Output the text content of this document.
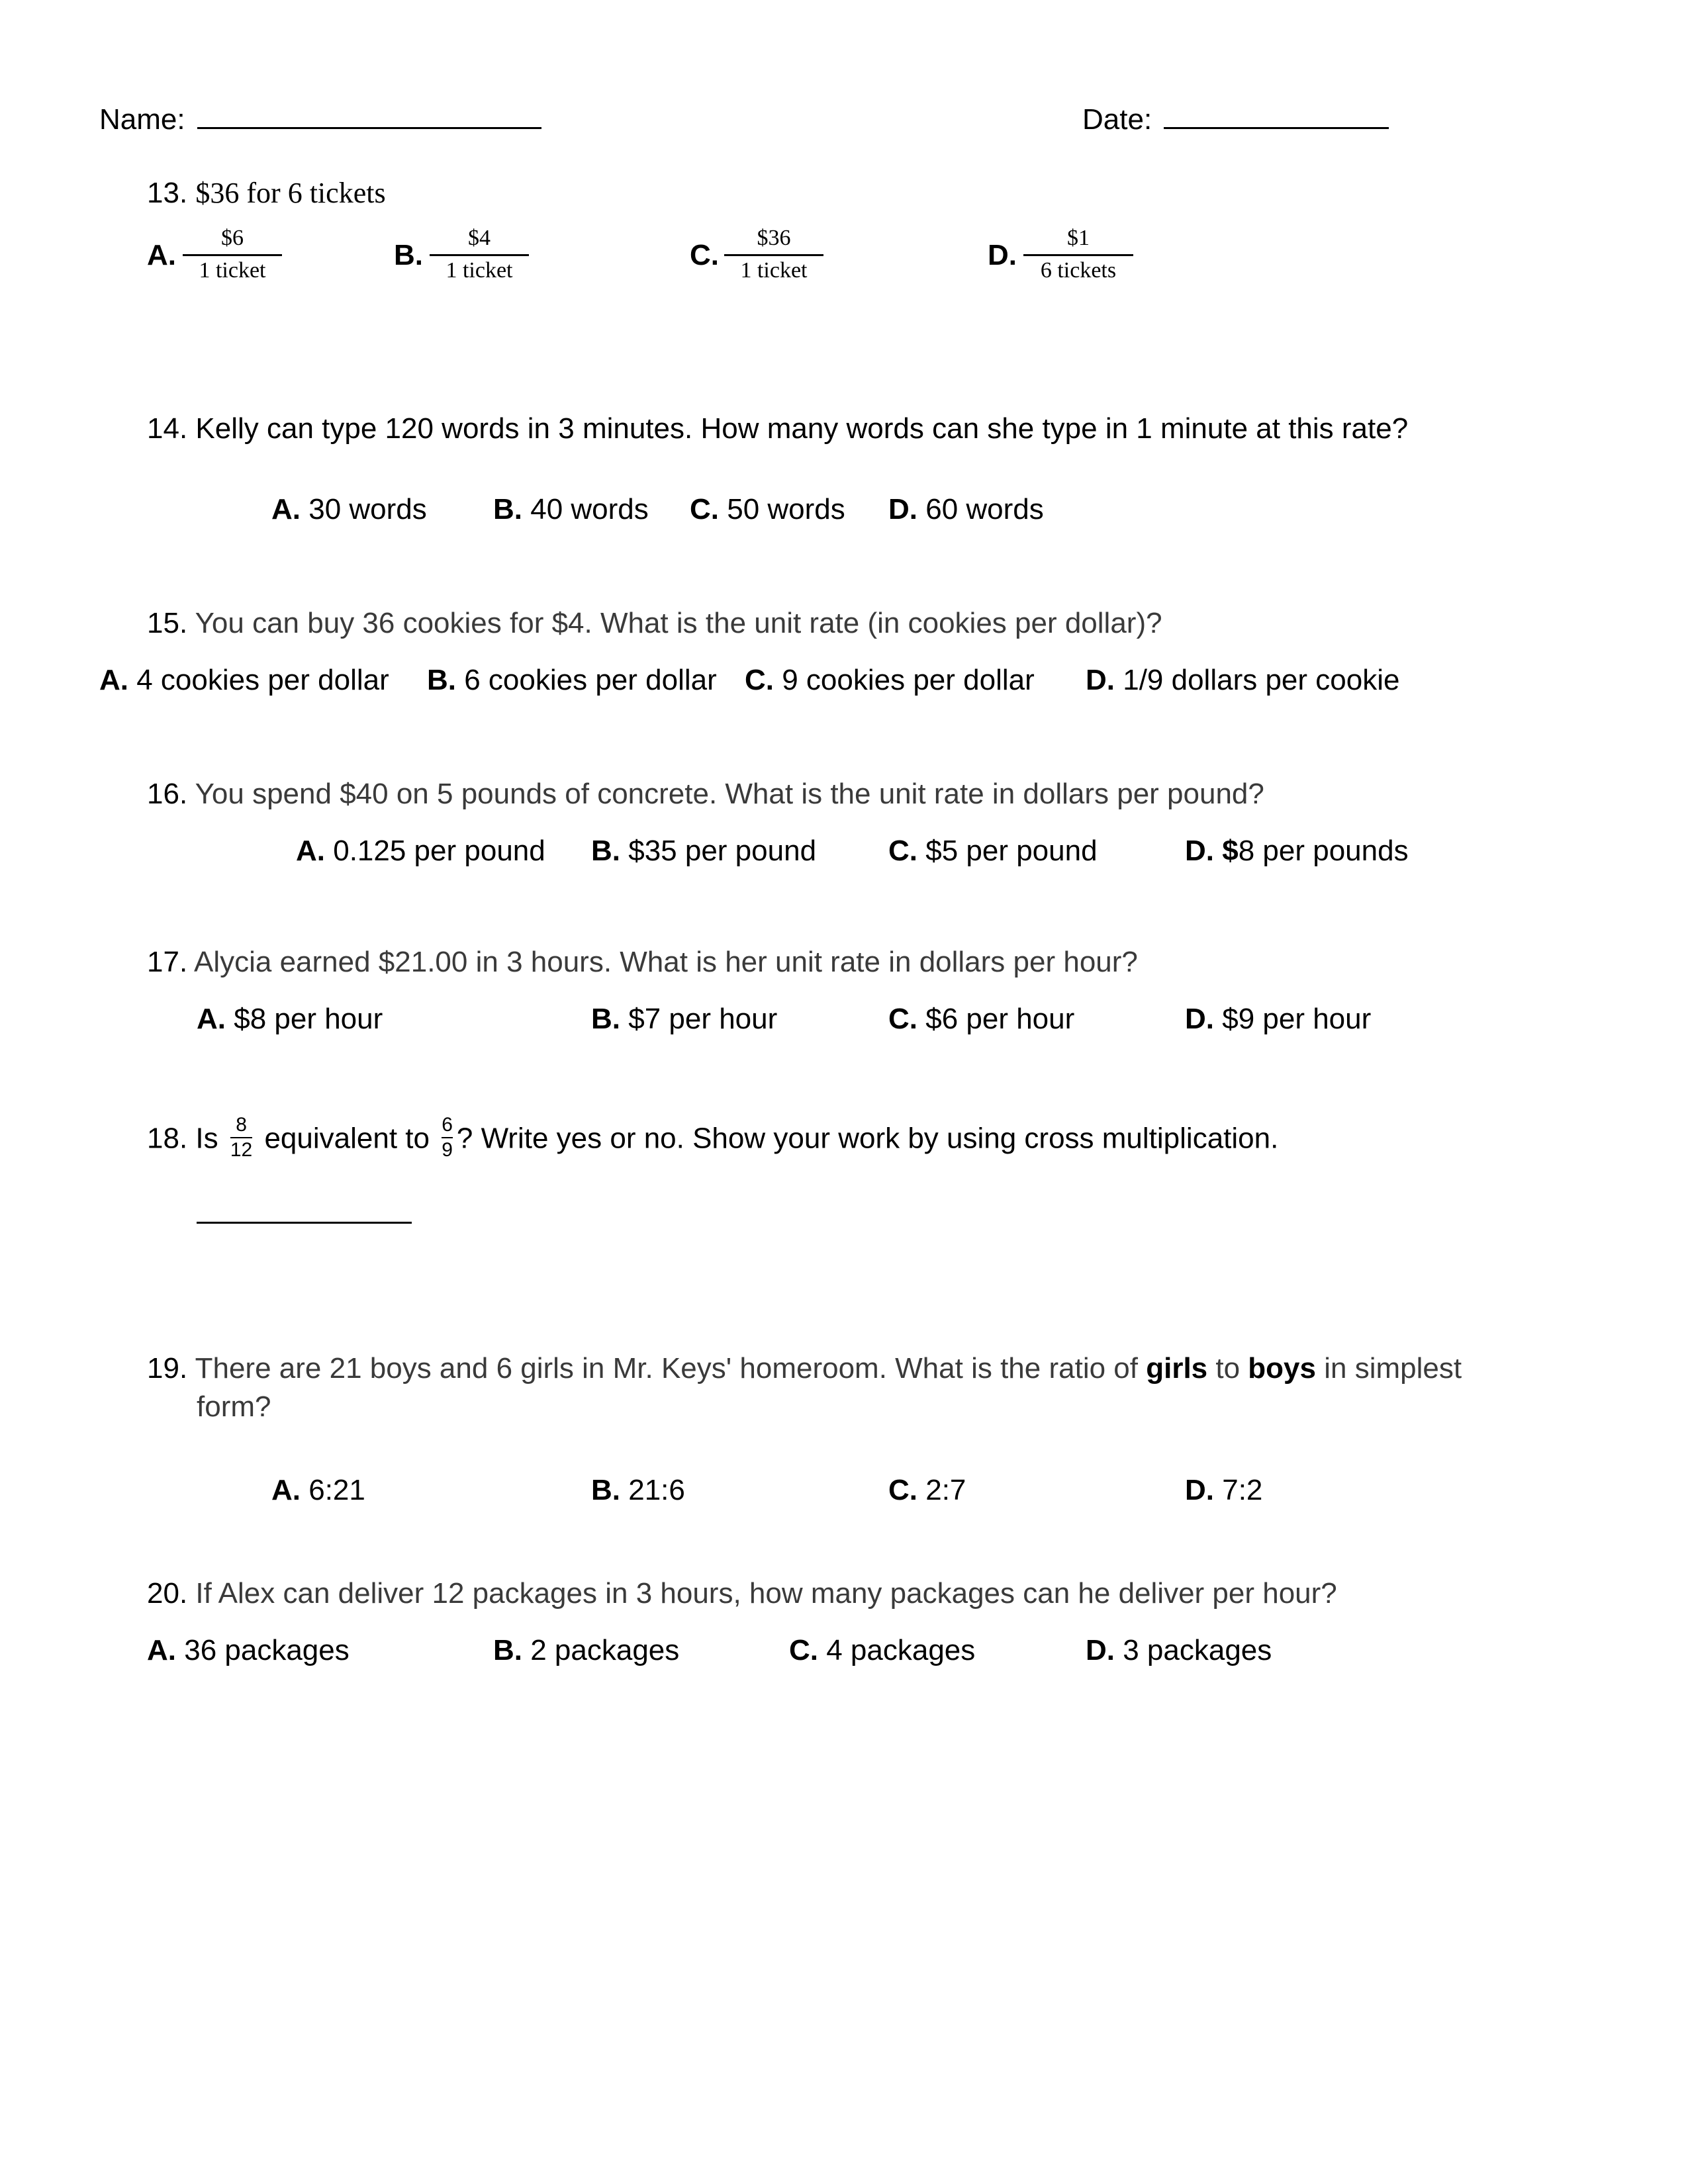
Name:	Date:
13. $36 for 6 tickets
A.
$6
1 ticket	B.
$4
1 ticket	C.
$36
1 ticket	D.
$1
6 tickets
14. Kelly can type 120 words in 3 minutes. How many words can she type in 1 minute at this rate?
A. 30 words B. 40 words C. 50 words D. 60 words
15. You can buy 36 cookies for $4. What is the unit rate (in cookies per dollar)?
A. 4 cookies per dollar B. 6 cookies per dollar C. 9 cookies per dollar D. 1/9 dollars per cookie
16. You spend $40 on 5 pounds of concrete. What is the unit rate in dollars per pound?
A. 0.125 per pound B. $35 per pound C. $5 per pound	D. $8 per pounds
17. Alycia earned $21.00 in 3 hours. What is her unit rate in dollars per hour?
A. $8 per hour	B. $7 per hour	C. $6 per hour	D. $9 per hour
18. Is $\frac{8}{12}$ equivalent to $\frac{6}{9}$ ? Write yes or no. Show your work by using cross multiplication.
19. There are 21 boys and 6 girls in Mr. Keys' homeroom. What is the ratio of girls to boys in simplest
form?
A. 6:21	B. 21:6	C. 2:7	D. 7:2
20. If Alex can deliver 12 packages in 3 hours, how many packages can he deliver per hour?
A. 36 packages	B. 2 packages	C. 4 packages	D. 3 packages
